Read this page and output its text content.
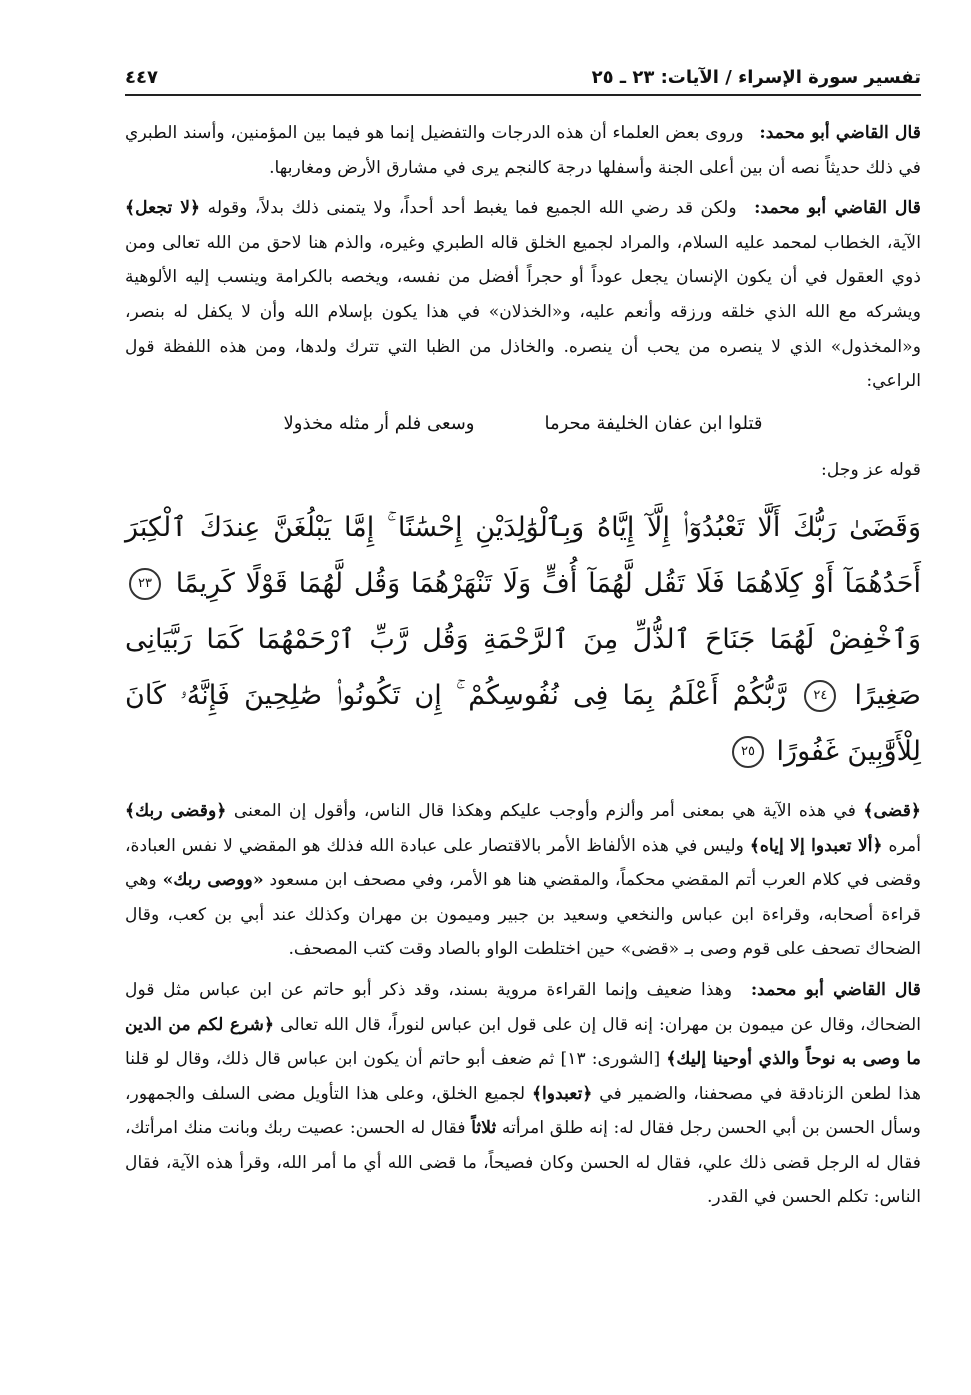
تفسير سورة الإسراء / الآيات: ٢٣ ـ ٢٥
٤٤٧

قال القاضي أبو محمد: وروى بعض العلماء أن هذه الدرجات والتفضيل إنما هو فيما بين المؤمنين، وأسند الطبري في ذلك حديثاً نصه أن بين أعلى الجنة وأسفلها درجة كالنجم يرى في مشارق الأرض ومغاربها.

قال القاضي أبو محمد: ولكن قد رضي الله الجميع فما يغبط أحد أحداً، ولا يتمنى ذلك بدلاً، وقوله ﴿لا تجعل﴾ الآية، الخطاب لمحمد عليه السلام، والمراد لجميع الخلق قاله الطبري وغيره، والذم هنا لاحق من الله تعالى ومن ذوي العقول في أن يكون الإنسان يجعل عوداً أو حجراً أفضل من نفسه، ويخصه بالكرامة وينسب إليه الألوهية ويشركه مع الله الذي خلقه ورزقه وأنعم عليه، و«الخذلان» في هذا يكون بإسلام الله وأن لا يكفل له بنصر، و«المخذول» الذي لا ينصره من يحب أن ينصره. والخاذل من الظبا التي تترك ولدها، ومن هذه اللفظة قول الراعي:

قتلوا ابن عفان الخليفة محرما
وسعى فلم أر مثله مخذولا

قوله عز وجل:

وَقَضَىٰ رَبُّكَ أَلَّا تَعْبُدُوٓا۟ إِلَّآ إِيَّاهُ وَبِٱلْوَٰلِدَيْنِ إِحْسَٰنًا ۚ إِمَّا يَبْلُغَنَّ عِندَكَ ٱلْكِبَرَ أَحَدُهُمَآ أَوْ كِلَاهُمَا فَلَا تَقُل لَّهُمَآ أُفٍّ وَلَا تَنْهَرْهُمَا وَقُل لَّهُمَا قَوْلًا كَرِيمًا ٢٣ وَٱخْفِضْ لَهُمَا جَنَاحَ ٱلذُّلِّ مِنَ ٱلرَّحْمَةِ وَقُل رَّبِّ ٱرْحَمْهُمَا كَمَا رَبَّيَانِى صَغِيرًا ٢٤ رَّبُّكُمْ أَعْلَمُ بِمَا فِى نُفُوسِكُمْ ۚ إِن تَكُونُوا۟ صَٰلِحِينَ فَإِنَّهُۥ كَانَ لِلْأَوَّٰبِينَ غَفُورًا ٢٥

﴿قضى﴾ في هذه الآية هي بمعنى أمر وألزم وأوجب عليكم وهكذا قال الناس، وأقول إن المعنى ﴿وقضى ربك﴾ أمره ﴿ألا تعبدوا إلا إياه﴾ وليس في هذه الألفاظ الأمر بالاقتصار على عبادة الله فذلك هو المقضي لا نفس العبادة، وقضى في كلام العرب أتم المقضي محكماً، والمقضي هنا هو الأمر، وفي مصحف ابن مسعود «ووصى ربك» وهي قراءة أصحابه، وقراءة ابن عباس والنخعي وسعيد بن جبير وميمون بن مهران وكذلك عند أبي بن كعب، وقال الضحاك تصحف على قوم وصى بـ «قضى» حين اختلطت الواو بالصاد وقت كتب المصحف.

قال القاضي أبو محمد: وهذا ضعيف وإنما القراءة مروية بسند، وقد ذكر أبو حاتم عن ابن عباس مثل قول الضحاك، وقال عن ميمون بن مهران: إنه قال إن على قول ابن عباس لنوراً، قال الله تعالى ﴿شرع لكم من الدين ما وصى به نوحاً والذي أوحينا إليك﴾ [الشورى: ١٣] ثم ضعف أبو حاتم أن يكون ابن عباس قال ذلك، وقال لو قلنا هذا لطعن الزنادقة في مصحفنا، والضمير في ﴿تعبدوا﴾ لجميع الخلق، وعلى هذا التأويل مضى السلف والجمهور، وسأل الحسن بن أبي الحسن رجل فقال له: إنه طلق امرأته ثلاثاً فقال له الحسن: عصيت ربك وبانت منك امرأتك، فقال له الرجل قضى ذلك علي، فقال له الحسن وكان فصيحاً، ما قضى الله أي ما أمر الله، وقرأ هذه الآية، فقال الناس: تكلم الحسن في القدر.
